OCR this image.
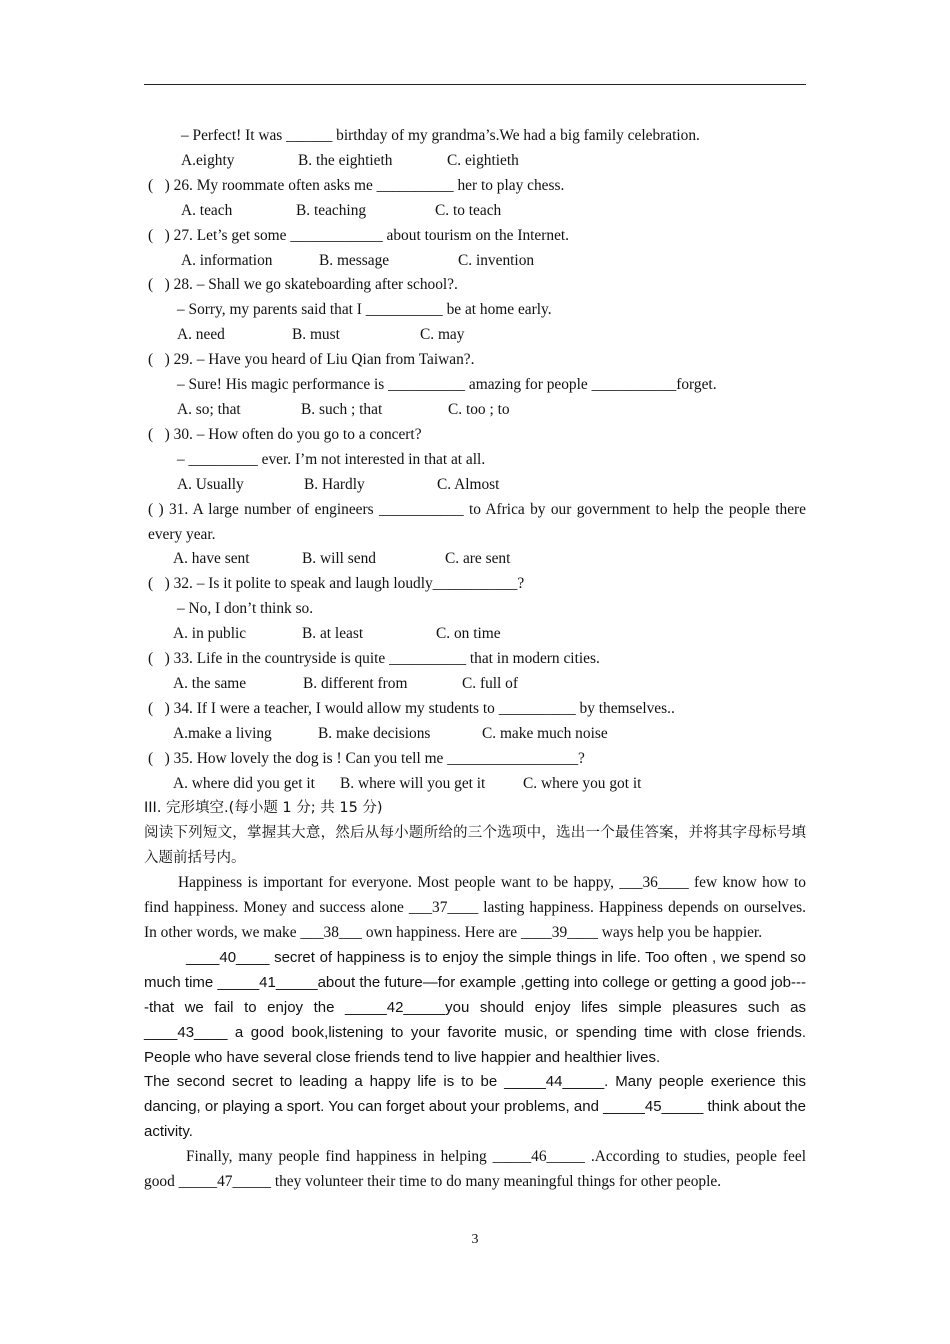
– Perfect! It was ______ birthday of my grandma’s.We had a big family celebration.
A.eighty	B. the eightieth	C. eightieth
(   ) 26. My roommate often asks me __________ her to play chess.
A. teach	B. teaching	C. to teach
(   ) 27. Let’s get some ____________ about tourism on the Internet.
A. information	B. message	C. invention
(   ) 28. – Shall we go skateboarding after school?.
– Sorry, my parents said that I __________ be at home early.
A. need	B. must	C. may
(   ) 29. – Have you heard of Liu Qian from Taiwan?.
– Sure! His magic performance is __________ amazing for people ___________forget.
A. so; that	B. such ; that	C. too ; to
(   ) 30. – How often do you go to a concert?
– _________ ever. I’m not interested in that at all.
A. Usually	B. Hardly	C. Almost
( ) 31. A large number of engineers ___________ to Africa by our government to help the people there every year.
A. have sent	B. will send	C. are sent
(   ) 32. – Is it polite to speak and laugh loudly___________?
– No, I don’t think so.
A. in public	B. at least	C. on time
(   ) 33. Life in the countryside is quite __________ that in modern cities.
A. the same	B. different from	C. full of
(   ) 34. If I were a teacher, I would allow my students to __________ by themselves..
A.make a living	B. make decisions	C. make much noise
(   ) 35. How lovely the dog is ! Can you tell me _________________?
A. where did you get it	B. where will you get it	C. where you got it
III. 完形填空.(每小题 1 分; 共 15 分)
阅读下列短文，掌握其大意，然后从每小题所给的三个选项中，选出一个最佳答案，并将其字母标号填入题前括号内。
Happiness is important for everyone. Most people want to be happy, ___36____ few know how to find happiness. Money and success alone ___37____ lasting happiness. Happiness depends on ourselves. In other words, we make ___38___ own happiness. Here are ____39____ ways help you be happier.
____40____ secret of happiness is to enjoy the simple things in life. Too often , we spend so much time _____41_____about the future—for example ,getting into college or getting a good job----that we fail to enjoy the _____42_____you should enjoy lifes simple pleasures such as ____43____ a good book,listening to your favorite music, or spending time with close friends. People who have several close friends tend to live happier and healthier lives.
The second secret to leading a happy life is to be _____44_____. Many people exerience this dancing, or playing a sport. You can forget about your problems, and _____45_____ think about the activity.
Finally, many people find happiness in helping _____46_____ .According to studies, people feel good _____47_____ they volunteer their time to do many meaningful things for other people.
3
